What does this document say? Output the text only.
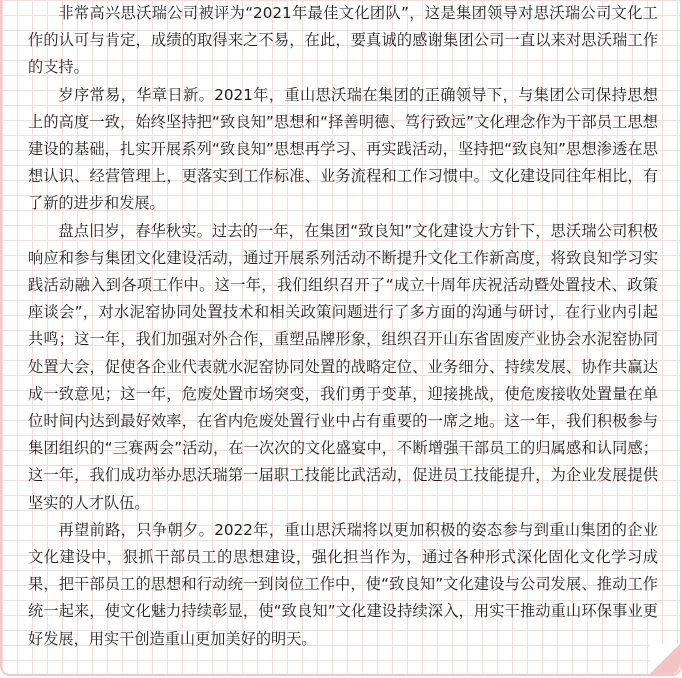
非常高兴思沃瑞公司被评为“2021年最佳文化团队”，这是集团领导对思沃瑞公司文化工作的认可与肯定，成绩的取得来之不易，在此，要真诚的感谢集团公司一直以来对思沃瑞工作的支持。

岁序常易，华章日新。2021年，重山思沃瑞在集团的正确领导下，与集团公司保持思想上的高度一致，始终坚持把“致良知”思想和“择善明德、笃行致远”文化理念作为干部员工思想建设的基础，扎实开展系列“致良知”思想再学习、再实践活动，坚持把“致良知”思想渗透在思想认识、经营管理上，更落实到工作标准、业务流程和工作习惯中。文化建设同往年相比，有了新的进步和发展。

盘点旧岁，春华秋实。过去的一年，在集团“致良知”文化建设大方针下，思沃瑞公司积极响应和参与集团文化建设活动，通过开展系列活动不断提升文化工作新高度，将致良知学习实践活动融入到各项工作中。这一年，我们组织召开了“成立十周年庆祝活动暨处置技术、政策座谈会”，对水泥窑协同处置技术和相关政策问题进行了多方面的沟通与研讨，在行业内引起共鸣；这一年，我们加强对外合作，重塑品牌形象，组织召开山东省固废产业协会水泥窑协同处置大会，促使各企业代表就水泥窑协同处置的战略定位、业务细分、持续发展、协作共赢达成一致意见；这一年，危废处置市场突变，我们勇于变革，迎接挑战，使危废接收处置量在单位时间内达到最好效率，在省内危废处置行业中占有重要的一席之地。这一年，我们积极参与集团组织的“三赛两会”活动，在一次次的文化盛宴中，不断增强干部员工的归属感和认同感；这一年，我们成功举办思沃瑞第一届职工技能比武活动，促进员工技能提升，为企业发展提供坚实的人才队伍。

再望前路，只争朝夕。2022年，重山思沃瑞将以更加积极的姿态参与到重山集团的企业文化建设中，狠抓干部员工的思想建设，强化担当作为，通过各种形式深化固化文化学习成果，把干部员工的思想和行动统一到岗位工作中，使“致良知”文化建设与公司发展、推动工作统一起来，使文化魅力持续彰显，使“致良知”文化建设持续深入，用实干推动重山环保事业更好发展，用实干创造重山更加美好的明天。
